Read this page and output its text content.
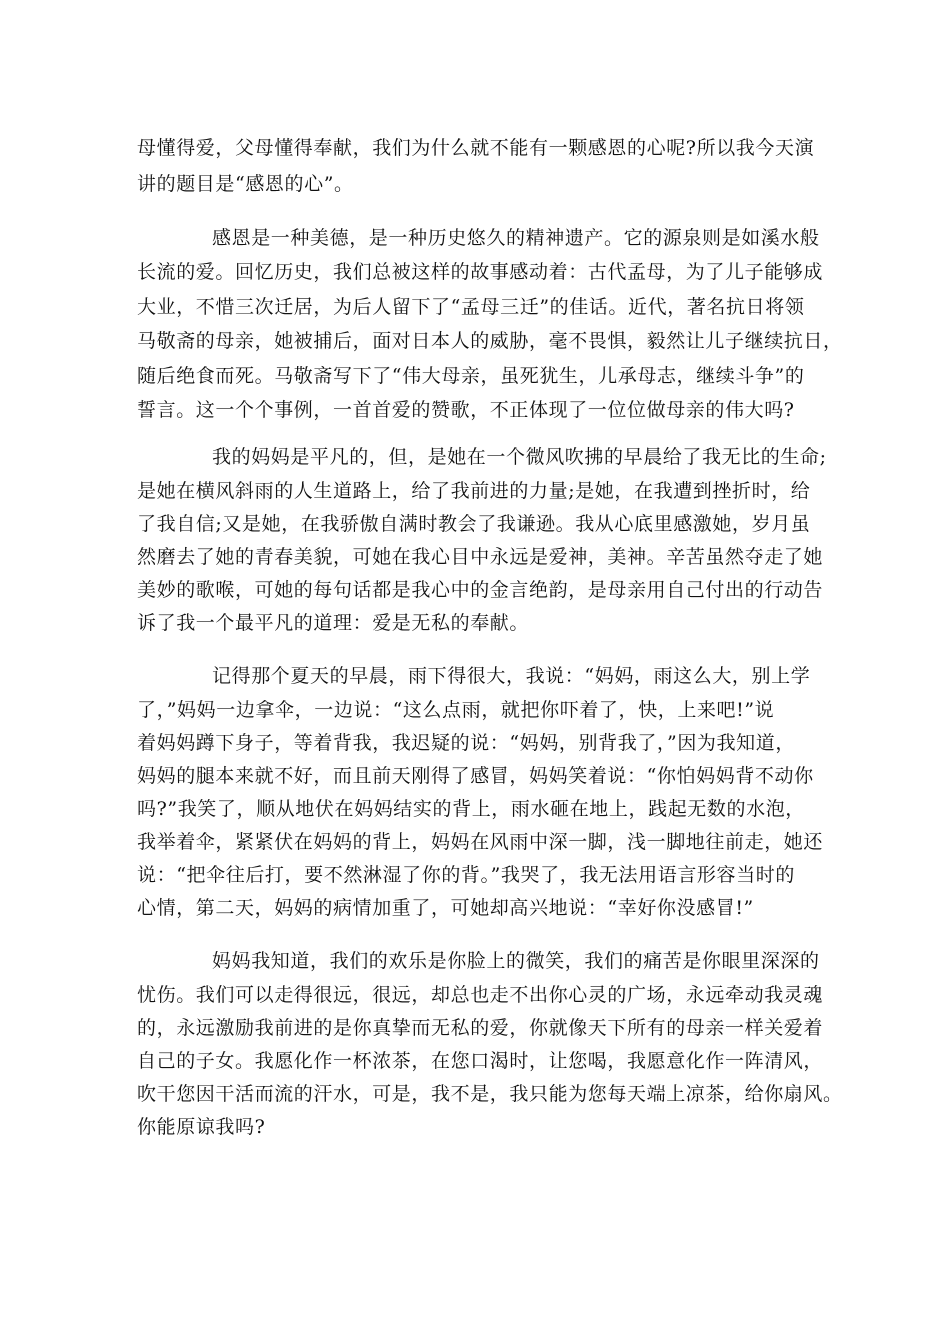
母懂得爱，父母懂得奉献，我们为什么就不能有一颗感恩的心呢?所以我今天演
讲的题目是“感恩的心”。
感恩是一种美德，是一种历史悠久的精神遗产。它的源泉则是如溪水般
长流的爱。回忆历史，我们总被这样的故事感动着：古代孟母，为了儿子能够成
大业，不惜三次迁居，为后人留下了“孟母三迁”的佳话。近代，著名抗日将领
马敬斋的母亲，她被捕后，面对日本人的威胁，毫不畏惧，毅然让儿子继续抗日，
随后绝食而死。马敬斋写下了“伟大母亲，虽死犹生，儿承母志，继续斗争”的
誓言。这一个个事例，一首首爱的赞歌，不正体现了一位位做母亲的伟大吗?
我的妈妈是平凡的，但，是她在一个微风吹拂的早晨给了我无比的生命;
是她在横风斜雨的人生道路上，给了我前进的力量;是她，在我遭到挫折时，给
了我自信;又是她，在我骄傲自满时教会了我谦逊。我从心底里感激她，岁月虽
然磨去了她的青春美貌，可她在我心目中永远是爱神，美神。辛苦虽然夺走了她
美妙的歌喉，可她的每句话都是我心中的金言绝韵，是母亲用自己付出的行动告
诉了我一个最平凡的道理：爱是无私的奉献。
记得那个夏天的早晨，雨下得很大，我说：“妈妈，雨这么大，别上学
了，”妈妈一边拿伞，一边说：“这么点雨，就把你吓着了，快，上来吧!”说
着妈妈蹲下身子，等着背我，我迟疑的说：“妈妈，别背我了，”因为我知道，
妈妈的腿本来就不好，而且前天刚得了感冒，妈妈笑着说：“你怕妈妈背不动你
吗?”我笑了，顺从地伏在妈妈结实的背上，雨水砸在地上，践起无数的水泡，
我举着伞，紧紧伏在妈妈的背上，妈妈在风雨中深一脚，浅一脚地往前走，她还
说：“把伞往后打，要不然淋湿了你的背。”我哭了，我无法用语言形容当时的
心情，第二天，妈妈的病情加重了，可她却高兴地说：“幸好你没感冒!”
妈妈我知道，我们的欢乐是你脸上的微笑，我们的痛苦是你眼里深深的
忧伤。我们可以走得很远，很远，却总也走不出你心灵的广场，永远牵动我灵魂
的，永远激励我前进的是你真挚而无私的爱，你就像天下所有的母亲一样关爱着
自己的子女。我愿化作一杯浓茶，在您口渴时，让您喝，我愿意化作一阵清风，
吹干您因干活而流的汗水，可是，我不是，我只能为您每天端上凉茶，给你扇风。
你能原谅我吗?
